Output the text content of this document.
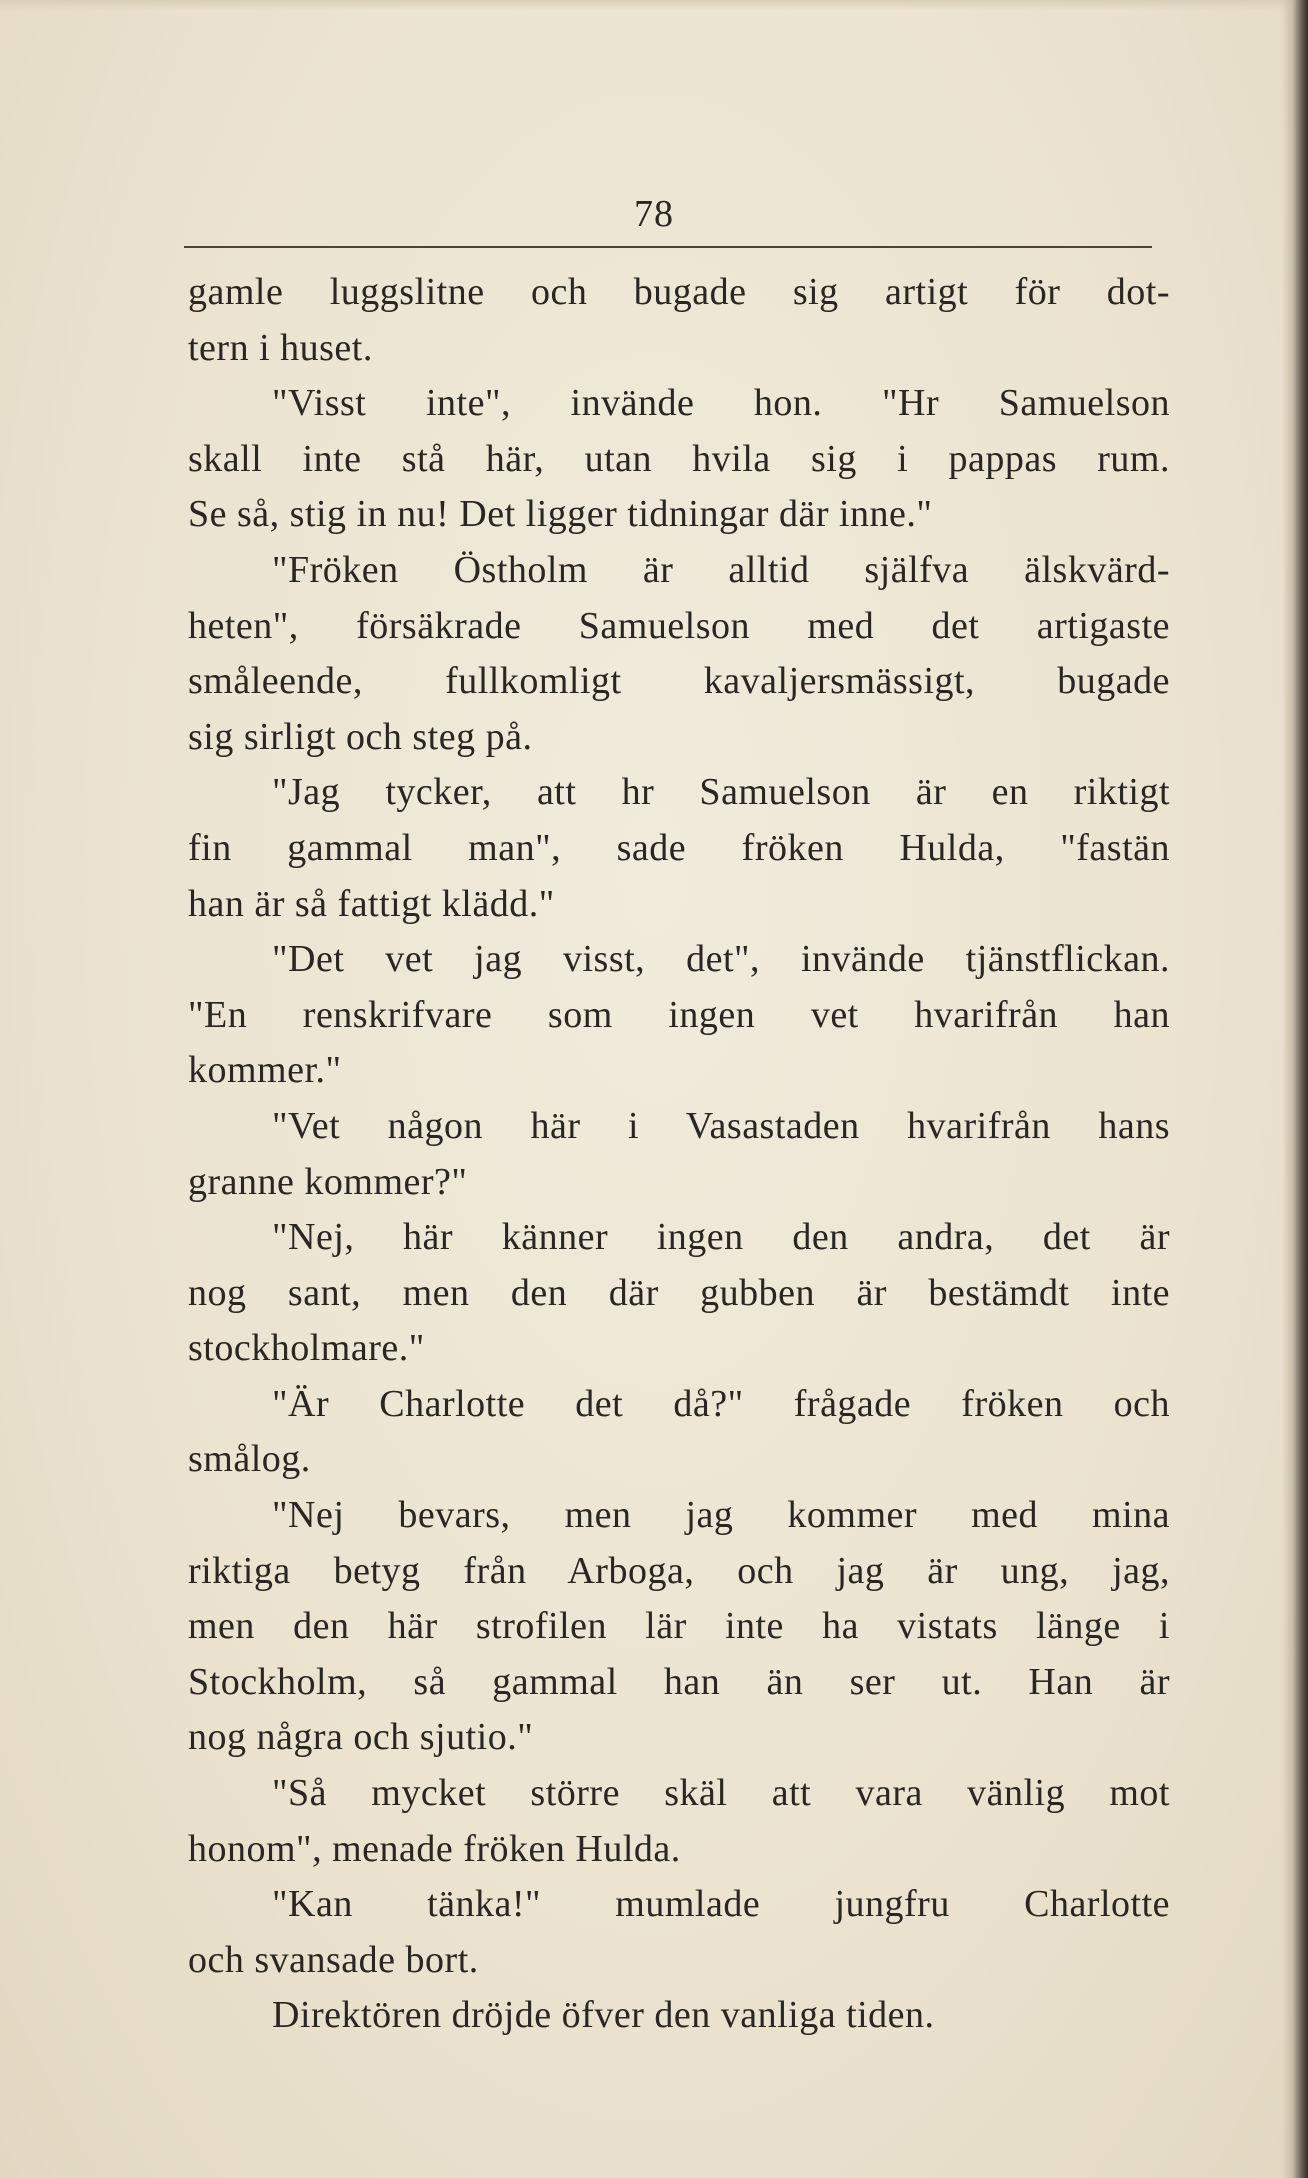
78
gamle luggslitne och bugade sig artigt för dot-
tern i huset.
"Visst inte", invände hon. "Hr Samuelson
skall inte stå här, utan hvila sig i pappas rum.
Se så, stig in nu! Det ligger tidningar där inne."
"Fröken Östholm är alltid själfva älskvärd-
heten", försäkrade Samuelson med det artigaste
småleende, fullkomligt kavaljersmässigt, bugade
sig sirligt och steg på.
"Jag tycker, att hr Samuelson är en riktigt
fin gammal man", sade fröken Hulda, "fastän
han är så fattigt klädd."
"Det vet jag visst, det", invände tjänstflickan.
"En renskrifvare som ingen vet hvarifrån han
kommer."
"Vet någon här i Vasastaden hvarifrån hans
granne kommer?"
"Nej, här känner ingen den andra, det är
nog sant, men den där gubben är bestämdt inte
stockholmare."
"Är Charlotte det då?" frågade fröken och
smålog.
"Nej bevars, men jag kommer med mina
riktiga betyg från Arboga, och jag är ung, jag,
men den här strofilen lär inte ha vistats länge i
Stockholm, så gammal han än ser ut. Han är
nog några och sjutio."
"Så mycket större skäl att vara vänlig mot
honom", menade fröken Hulda.
"Kan tänka!" mumlade jungfru Charlotte
och svansade bort.
Direktören dröjde öfver den vanliga tiden.
